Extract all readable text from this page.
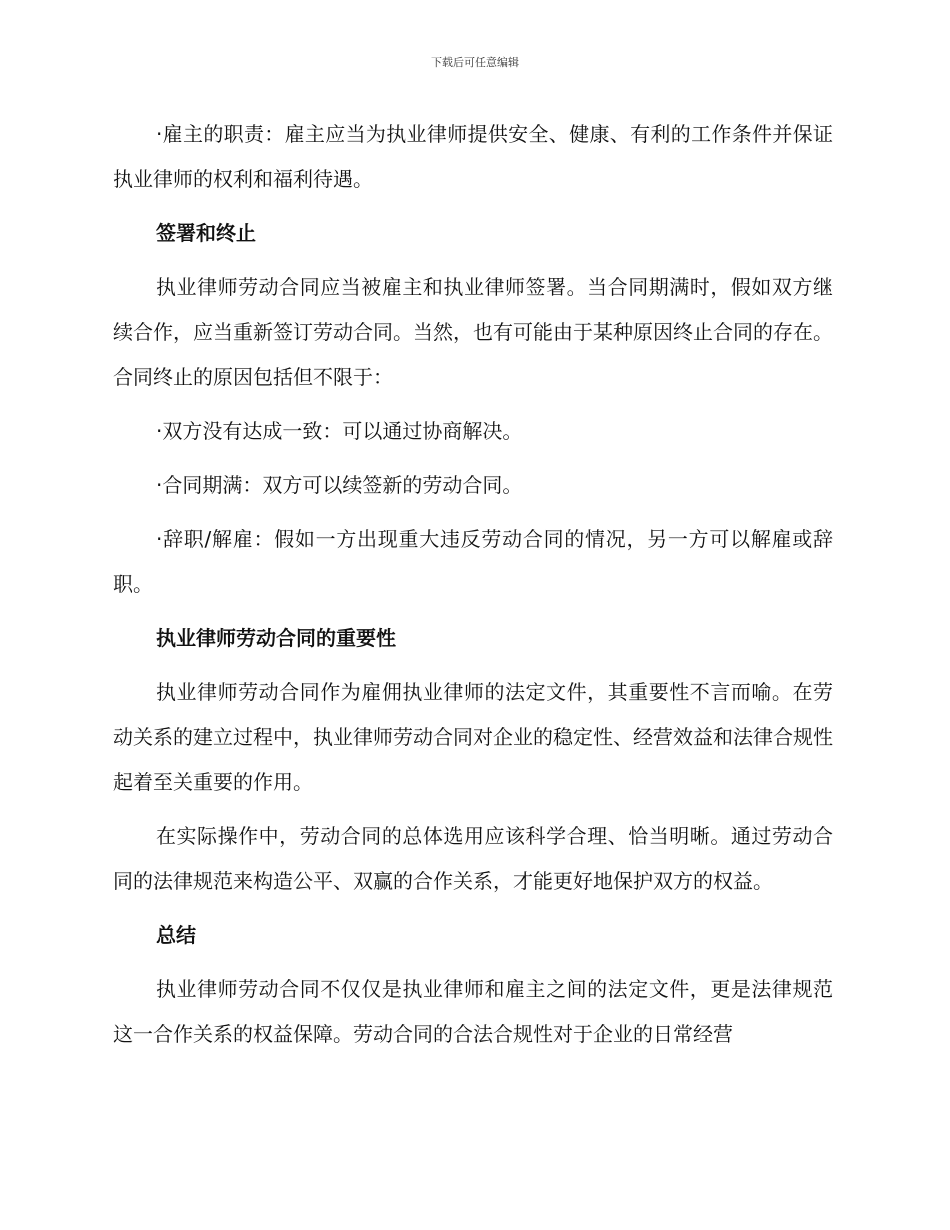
下载后可任意编辑

·雇主的职责：雇主应当为执业律师提供安全、健康、有利的工作条件并保证执业律师的权利和福利待遇。

签署和终止

执业律师劳动合同应当被雇主和执业律师签署。当合同期满时，假如双方继续合作，应当重新签订劳动合同。当然，也有可能由于某种原因终止合同的存在。合同终止的原因包括但不限于：

·双方没有达成一致：可以通过协商解决。

·合同期满：双方可以续签新的劳动合同。

·辞职/解雇：假如一方出现重大违反劳动合同的情况，另一方可以解雇或辞职。

执业律师劳动合同的重要性

执业律师劳动合同作为雇佣执业律师的法定文件，其重要性不言而喻。在劳动关系的建立过程中，执业律师劳动合同对企业的稳定性、经营效益和法律合规性起着至关重要的作用。

在实际操作中，劳动合同的总体选用应该科学合理、恰当明晰。通过劳动合同的法律规范来构造公平、双赢的合作关系，才能更好地保护双方的权益。

总结

执业律师劳动合同不仅仅是执业律师和雇主之间的法定文件，更是法律规范这一合作关系的权益保障。劳动合同的合法合规性对于企业的日常经营
